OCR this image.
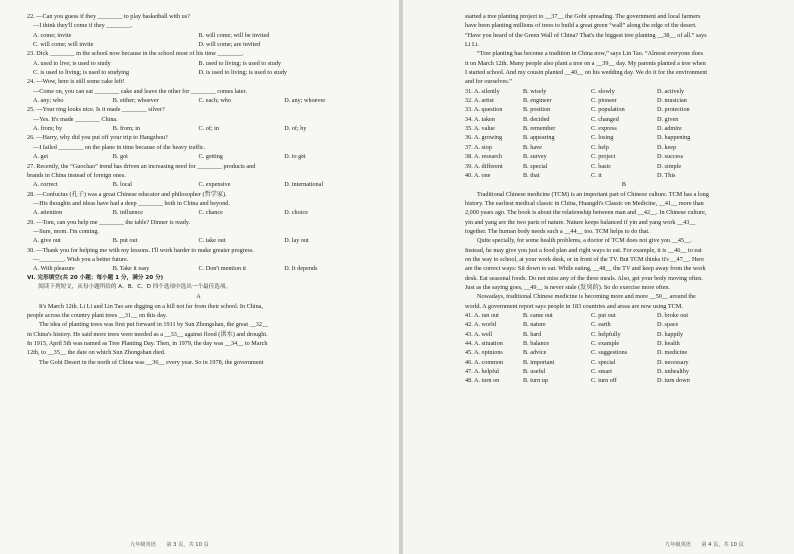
22. —Can you guess if they ________ to play basketball with us?
—I think they'll come if they ________.
A. come; invite	B. will come; will be invited
C. will come; will invite	D. will come; are invited
23. Dick ________ in the school now because in the school most of his time ________.
A. used to live; is used to study	B. used to living; is used to study
C. is used to living; is used to studying	D. is used to living; is used to study
24. —Wow, here is still some cake left!
—Come on, you can eat ________ cake and leave the other for ________ comes later.
A. any; who	B. either; whoever	C. each; who	D. any; whoever
25. —Your ring looks nice. Is it made ________ silver?
—Yes. It's made ________ China.
A. from; by	B. from; in	C. of; in	D. of; by
26. —Harry, why did you put off your trip to Hangzhou?
—I failed ________ on the plane in time because of the heavy traffic.
A. get	B. got	C. getting	D. to get
27. Recently, the “Guochao” trend has driven an increasing need for ________ products and
brands in China instead of foreign ones.
A. correct	B. local	C. expensive	D. international
28. —Confucius (孔子) was a great Chinese educator and philosopher (哲学家).
—His thoughts and ideas have had a deep ________ both in China and beyond.
A. attention	B. influence	C. chance	D. choice
29. —Tom, can you help me ________ the table? Dinner is ready.
—Sure, mom. I'm coming.
A. give out	B. put out	C. take out	D. lay out
30. —Thank you for helping me with my lessons. I'll work harder to make greater progress.
—________. Wish you a better future.
A. With pleasure	B. Take it easy	C. Don't mention it	D. It depends
VI. 完形填空(共 20 小题；每小题 1 分，满分 20 分)
　　阅读下列短文，从每小题所给的 A、B、C、D 四个选项中选出一个最佳选项。
A
It's March 12th. Li Li and Lin Tao are digging on a hill not far from their school. In China,
people across the country plant trees __31__ on this day.
The idea of planting trees was first put forward in 1911 by Sun Zhongshan, the great __32__
in China's history. He said more trees were needed as a __33__ against flood (洪水) and drought.
In 1915, April 5th was named as Tree Planting Day. Then, in 1979, the day was __34__ to March
12th, to __35__ the date on which Sun Zhongshan died.
The Gobi Desert in the north of China was __36__ every year. So in 1978, the government
九年级英语　　第 3 页，共 10 页
started a tree planting project to __37__ the Gobi spreading. The government and local farmers
have been planting millions of trees to build a great green “wall” along the edge of the desert.
“Have you heard of the Green Wall of China? That's the biggest tree planting __38__ of all.” says
Li Li.
“Tree planting has become a tradition in China now,” says Lin Tao. “Almost everyone does
it on March 12th. Many people also plant a tree on a __39__ day. My parents planted a tree when
I started school. And my cousin planted __40__ on his wedding day. We do it for the environment
and for ourselves.”
31. A. silently	B. wisely	C. slowly	D. actively
32. A. artist	B. engineer	C. pioneer	D. musician
33. A. question	B. position	C. population	D. protection
34. A. taken	B. decided	C. changed	D. given
35. A. value	B. remember	C. express	D. admire
36. A. growing	B. appearing	C. losing	D. happening
37. A. stop	B. have	C. help	D. keep
38. A. research	B. survey	C. project	D. success
39. A. different	B. special	C. basic	D. simple
40. A. one	B. that	C. it	D. This
B
Traditional Chinese medicine (TCM) is an important part of Chinese culture. TCM has a long
history. The earliest medical classic in China, Huangdi's Classic on Medicine, __41__ more than
2,000 years ago. The book is about the relationship between man and __42__. In Chinese culture,
yin and yang are the two parts of nature. Nature keeps balanced if yin and yang work __43__
together. The human body needs such a __44__ too. TCM helps to do that.
Quite specially, for some health problems, a doctor of TCM does not give you __45__.
Instead, he may give you just a food plan and right ways to eat. For example, it is __46__ to eat
on the way to school, at your work desk, or in front of the TV. But TCM thinks it's __47__. Here
are the correct ways: Sit down to eat. While eating, __48__ the TV and keep away from the work
desk. Eat seasonal foods. Do not miss any of the three meals. Also, get your body moving often.
Just as the saying goes, __49__ is never stale (发臭的). So do exercise more often.
Nowadays, traditional Chinese medicine is becoming more and more __50__ around the
world. A government report says people in 183 countries and areas are now using TCM.
41. A. ran out	B. came out	C. put out	D. broke out
42. A. world	B. nature	C. earth	D. space
43. A. well	B. hard	C. helpfully	D. happily
44. A. situation	B. balance	C. example	D. health
45. A. opinions	B. advice	C. suggestions	D. medicine
46. A. common	B. important	C. special	D. necessary
47. A. helpful	B. useful	C. smart	D. unhealthy
48. A. turn on	B. turn up	C. turn off	D. turn down
九年级英语　　第 4 页，共 10 页
